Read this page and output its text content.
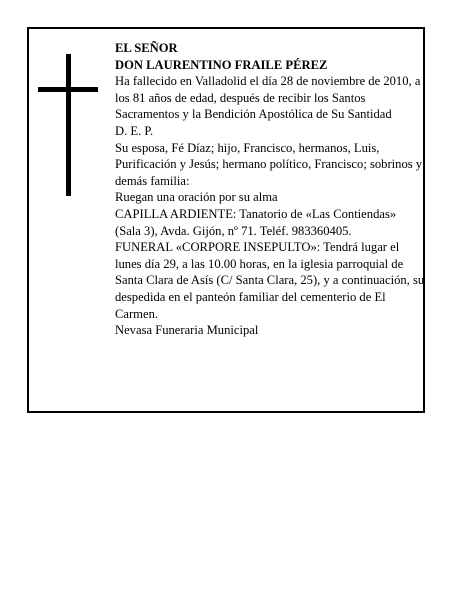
EL SEÑOR
DON LAURENTINO FRAILE PÉREZ
Ha fallecido en Valladolid el día 28 de noviembre de 2010, a los 81 años de edad, después de recibir los Santos Sacramentos y la Bendición Apostólica de Su Santidad
D. E. P.
Su esposa, Fé Díaz; hijo, Francisco, hermanos, Luis, Purificación y Jesús; hermano político, Francisco; sobrinos y demás familia:
Ruegan una oración por su alma
CAPILLA ARDIENTE: Tanatorio de «Las Contiendas» (Sala 3), Avda. Gijón, nº 71. Teléf. 983360405.
FUNERAL «CORPORE INSEPULTO»: Tendrá lugar el lunes día 29, a las 10.00 horas, en la iglesia parroquial de Santa Clara de Asís (C/ Santa Clara, 25), y a continuación, su despedida en el panteón familiar del cementerio de El Carmen.
Nevasa Funeraria Municipal
